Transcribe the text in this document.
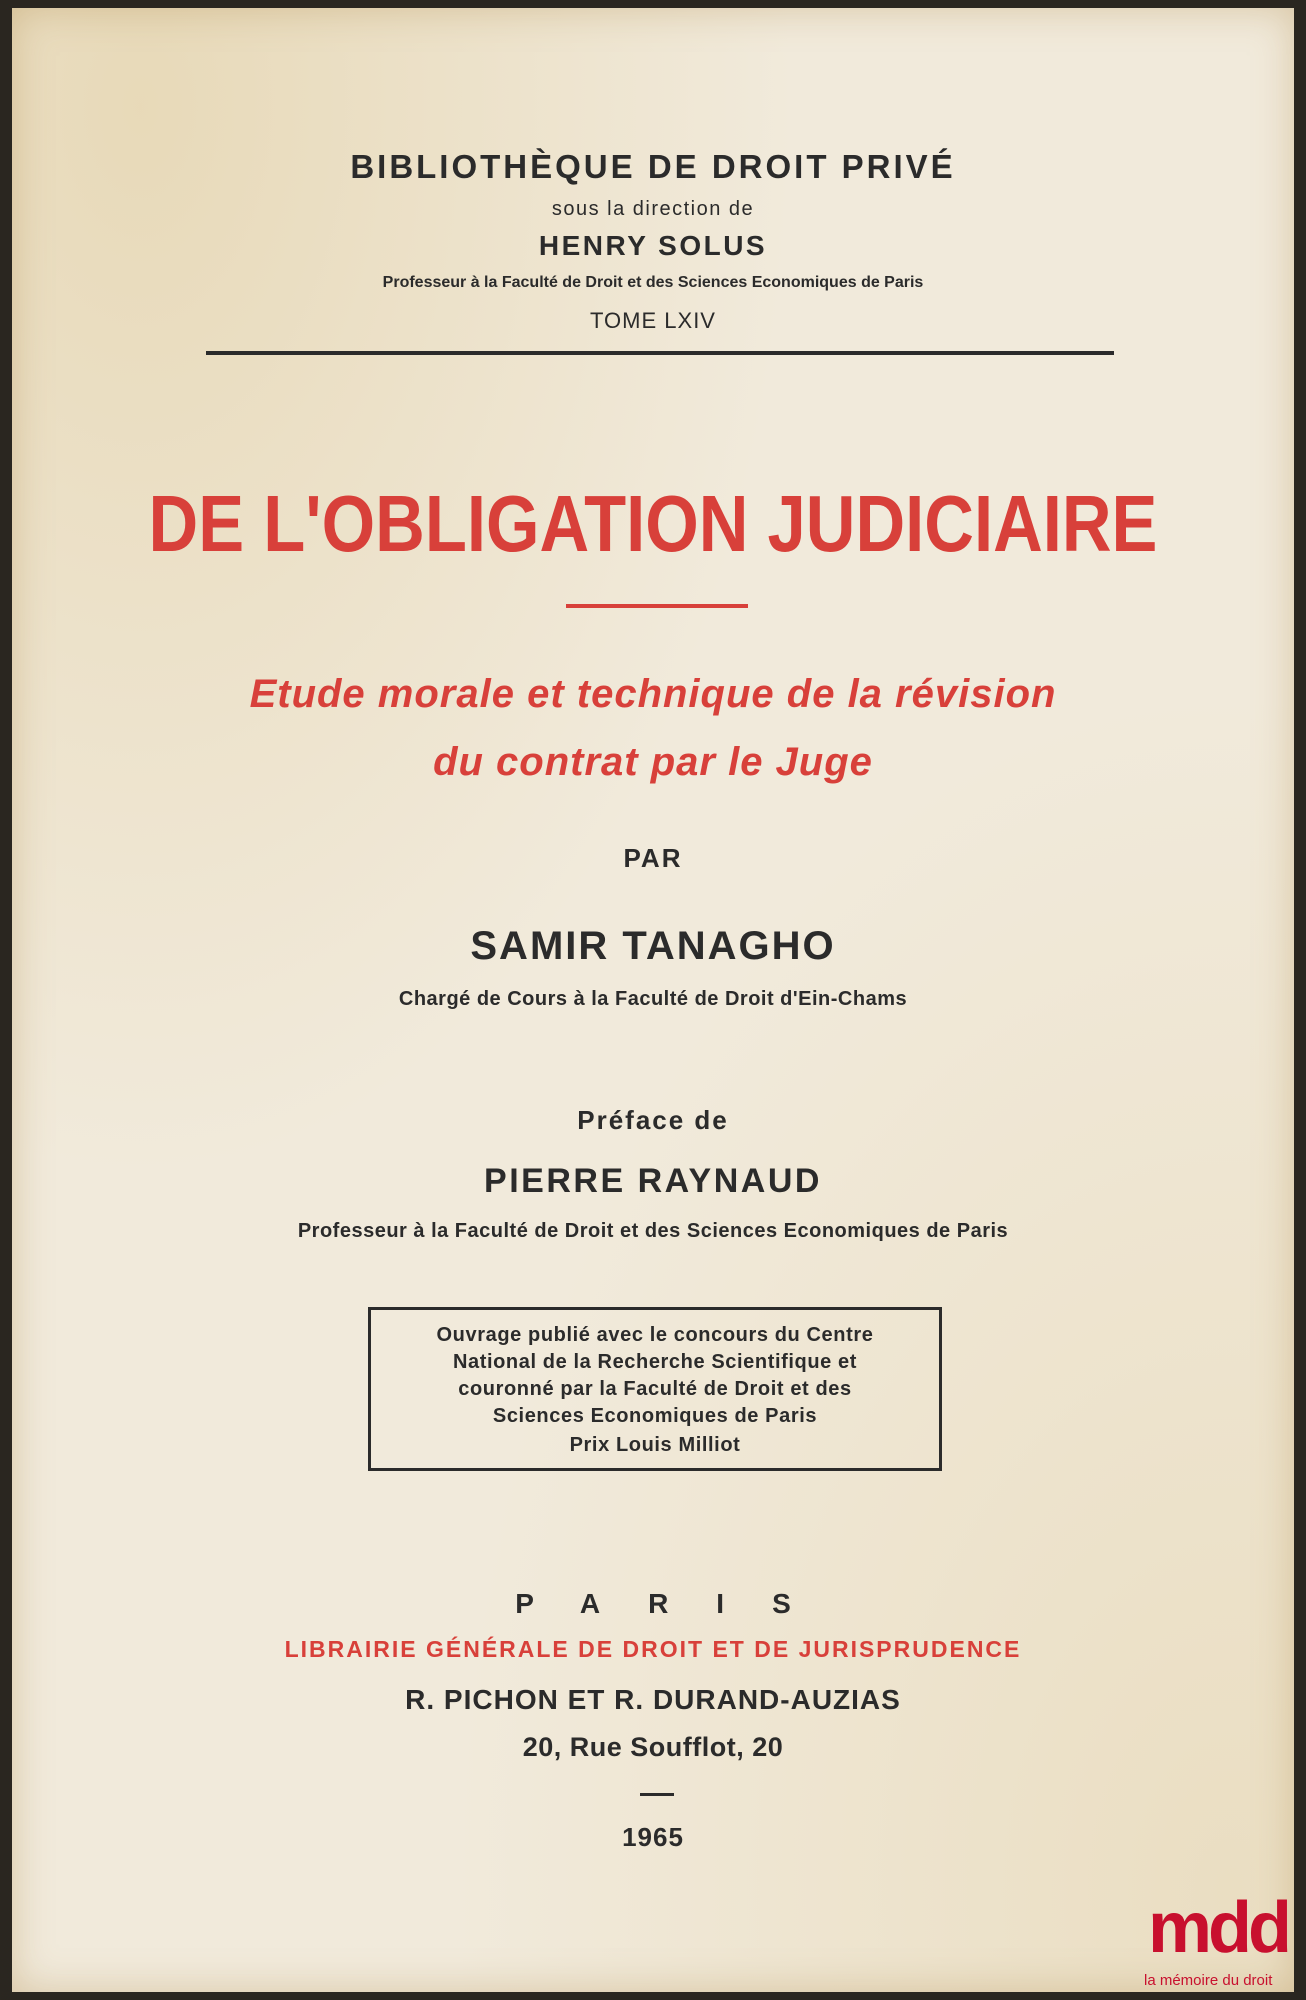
BIBLIOTHÈQUE DE DROIT PRIVÉ
sous la direction de
HENRY SOLUS
Professeur à la Faculté de Droit et des Sciences Economiques de Paris
TOME LXIV
DE L'OBLIGATION JUDICIAIRE
Etude morale et technique de la révision
du contrat par le Juge
PAR
SAMIR TANAGHO
Chargé de Cours à la Faculté de Droit d'Ein-Chams
Préface de
PIERRE RAYNAUD
Professeur à la Faculté de Droit et des Sciences Economiques de Paris
Ouvrage publié avec le concours du Centre
National de la Recherche Scientifique et
couronné par la Faculté de Droit et des
Sciences Economiques de Paris
Prix Louis Milliot
PARIS
LIBRAIRIE GÉNÉRALE DE DROIT ET DE JURISPRUDENCE
R. PICHON ET R. DURAND-AUZIAS
20, Rue Soufflot, 20
1965
mdd
la mémoire du droit
